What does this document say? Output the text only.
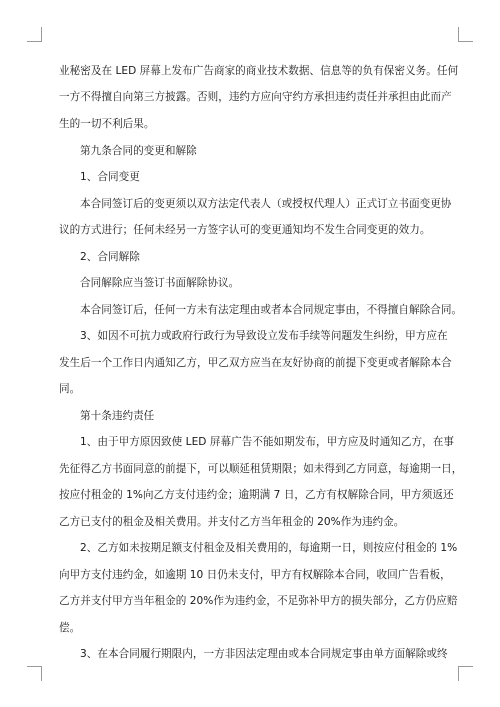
业秘密及在 LED 屏幕上发布广告商家的商业技术数据、信息等的负有保密义务。任何
一方不得擅自向第三方披露。否则，违约方应向守约方承担违约责任并承担由此而产
生的一切不利后果。
第九条合同的变更和解除
1、合同变更
本合同签订后的变更须以双方法定代表人（或授权代理人）正式订立书面变更协
议的方式进行；任何未经另一方签字认可的变更通知均不发生合同变更的效力。
2、合同解除
合同解除应当签订书面解除协议。
本合同签订后，任何一方未有法定理由或者本合同规定事由，不得擅自解除合同。
3、如因不可抗力或政府行政行为导致设立发布手续等问题发生纠纷，甲方应在
发生后一个工作日内通知乙方，甲乙双方应当在友好协商的前提下变更或者解除本合
同。
第十条违约责任
1、由于甲方原因致使 LED 屏幕广告不能如期发布，甲方应及时通知乙方，在事
先征得乙方书面同意的前提下，可以顺延租赁期限；如未得到乙方同意，每逾期一日，
按应付租金的 1%向乙方支付违约金；逾期满 7 日，乙方有权解除合同，甲方须返还
乙方已支付的租金及相关费用。并支付乙方当年租金的 20%作为违约金。
2、乙方如未按期足额支付租金及相关费用的，每逾期一日，则按应付租金的 1%
向甲方支付违约金，如逾期 10 日仍未支付，甲方有权解除本合同，收回广告看板，
乙方并支付甲方当年租金的 20%作为违约金，不足弥补甲方的损失部分，乙方仍应赔
偿。
3、在本合同履行期限内，一方非因法定理由或本合同规定事由单方面解除或终
